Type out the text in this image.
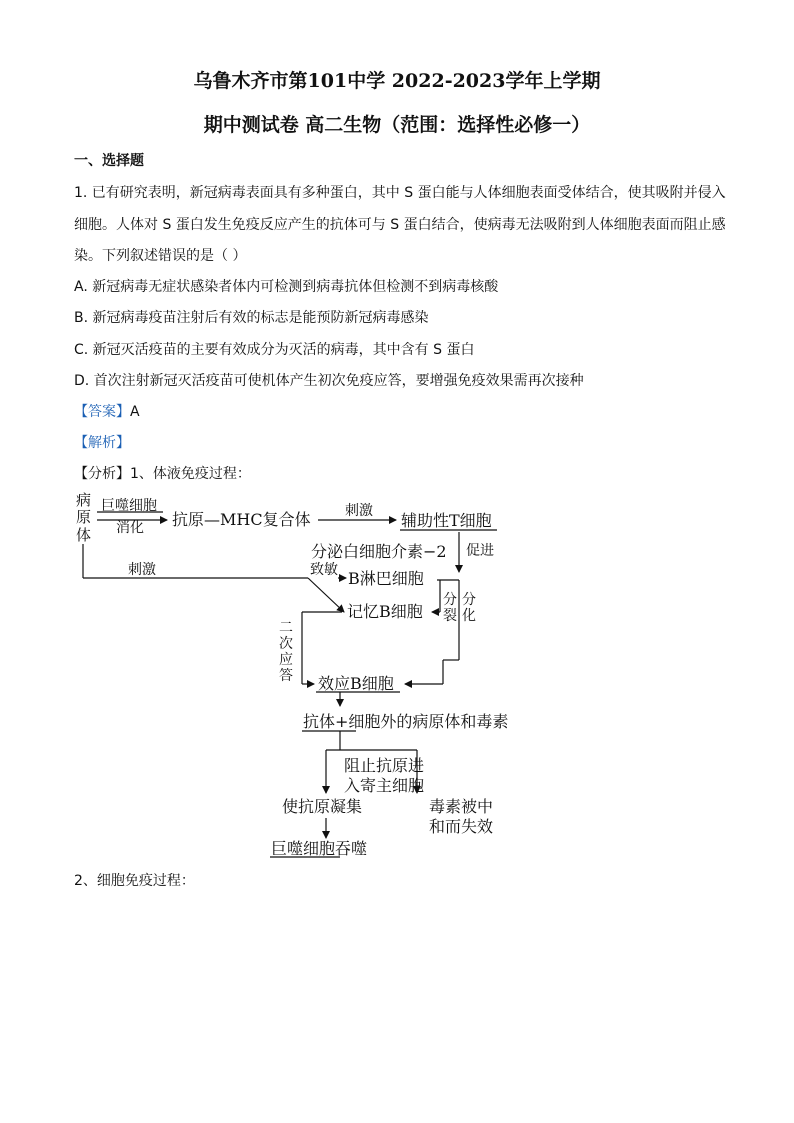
乌鲁木齐市第101中学 2022-2023学年上学期
期中测试卷 高二生物（范围：选择性必修一）
一、选择题
1. 已有研究表明，新冠病毒表面具有多种蛋白，其中 S 蛋白能与人体细胞表面受体结合，使其吸附并侵入
细胞。人体对 S 蛋白发生免疫反应产生的抗体可与 S 蛋白结合，使病毒无法吸附到人体细胞表面而阻止感
染。下列叙述错误的是（ ）
A. 新冠病毒无症状感染者体内可检测到病毒抗体但检测不到病毒核酸
B. 新冠病毒疫苗注射后有效的标志是能预防新冠病毒感染
C. 新冠灭活疫苗的主要有效成分为灭活的病毒，其中含有 S 蛋白
D. 首次注射新冠灭活疫苗可使机体产生初次免疫应答，要增强免疫效果需再次接种
【答案】A
【解析】
【分析】1、体液免疫过程：
病
原
体
巨噬细胞
消化 抗原—MHC复合体 刺激 辅助性T细胞
分泌白细胞介素−2 促进
刺激	致敏 B淋巴细胞
记忆B细胞
分
裂
分
化
二
次
应
答 效应B细胞
抗体+细胞外的病原体和毒素
阻止抗原进
入寄主细胞
使抗原凝集	毒素被中
和而失效
巨噬细胞吞噬
2、细胞免疫过程：
